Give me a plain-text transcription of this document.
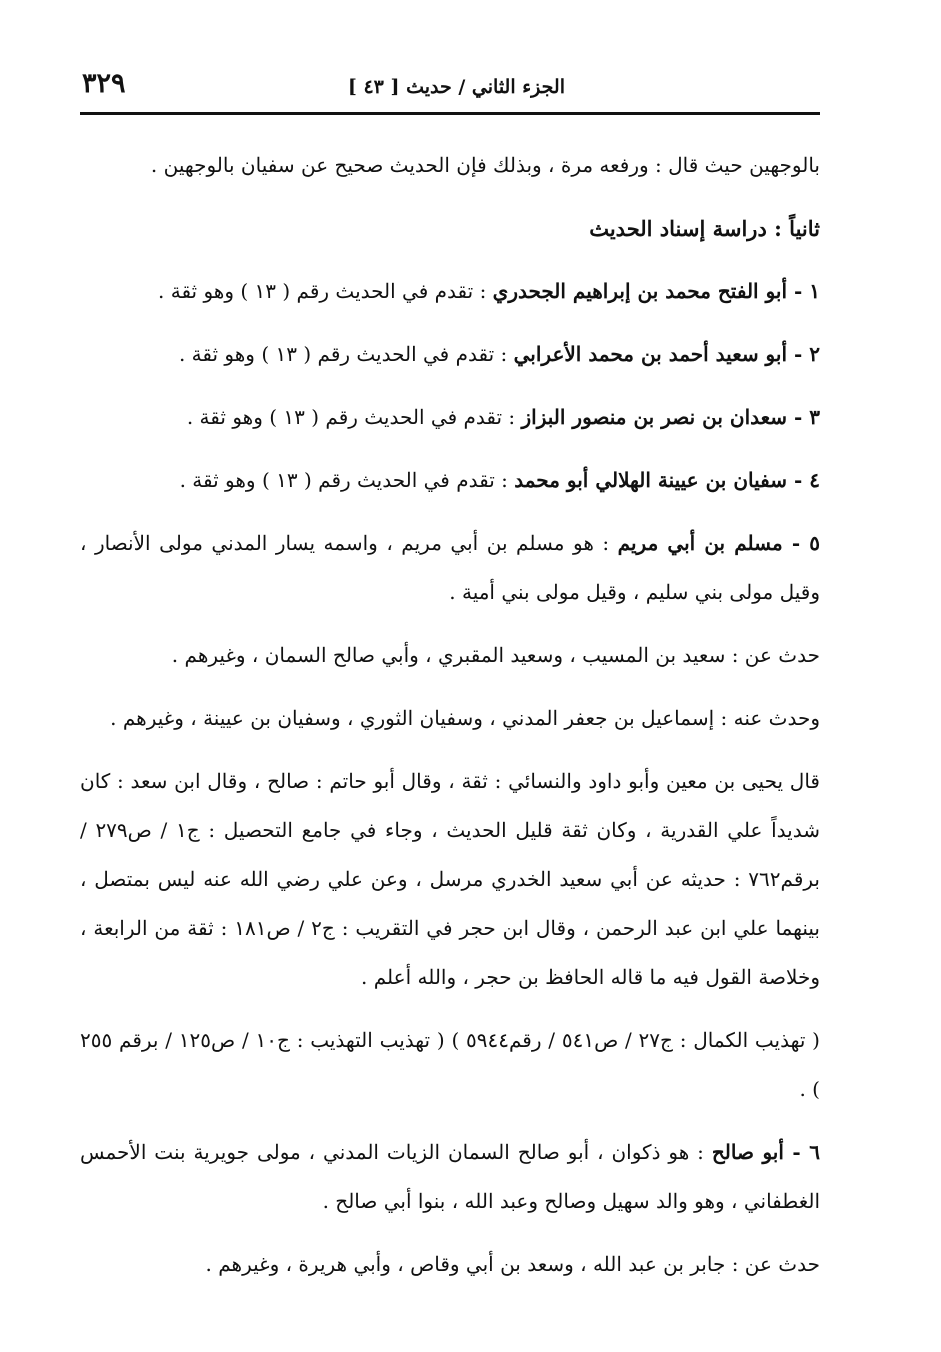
الجزء الثاني / حديث [ ٤٣ ]
٣٢٩

بالوجهين حيث قال : ورفعه مرة ، وبذلك فإن الحديث صحيح عن سفيان بالوجهين .

ثانياً : دراسة إسناد الحديث

١ - أبو الفتح محمد بن إبراهيم الجحدري : تقدم في الحديث رقم ( ١٣ ) وهو ثقة .

٢ - أبو سعيد أحمد بن محمد الأعرابي : تقدم في الحديث رقم ( ١٣ ) وهو ثقة .

٣ - سعدان بن نصر بن منصور البزاز : تقدم في الحديث رقم ( ١٣ ) وهو ثقة .

٤ - سفيان بن عيينة الهلالي أبو محمد : تقدم في الحديث رقم ( ١٣ ) وهو ثقة .

٥ - مسلم بن أبي مريم : هو مسلم بن أبي مريم ، واسمه يسار المدني مولى الأنصار ، وقيل مولى بني سليم ، وقيل مولى بني أمية .

حدث عن : سعيد بن المسيب ، وسعيد المقبري ، وأبي صالح السمان ، وغيرهم .

وحدث عنه : إسماعيل بن جعفر المدني ، وسفيان الثوري ، وسفيان بن عيينة ، وغيرهم .

قال يحيى بن معين وأبو داود والنسائي : ثقة ، وقال أبو حاتم : صالح ، وقال ابن سعد : كان شديداً علي القدرية ، وكان ثقة قليل الحديث ، وجاء في جامع التحصيل : ج١ / ص٢٧٩ / برقم٧٦٢ : حديثه عن أبي سعيد الخدري مرسل ، وعن علي رضي الله عنه ليس بمتصل ، بينهما علي ابن عبد الرحمن ، وقال ابن حجر في التقريب : ج٢ / ص١٨١ : ثقة من الرابعة ، وخلاصة القول فيه ما قاله الحافظ بن حجر ، والله أعلم .

( تهذيب الكمال : ج٢٧ / ص٥٤١ / رقم٥٩٤٤ ) ( تهذيب التهذيب : ج١٠ / ص١٢٥ / برقم ٢٥٥ ) .

٦ - أبو صالح : هو ذكوان ، أبو صالح السمان الزيات المدني ، مولى جويرية بنت الأحمس الغطفاني ، وهو والد سهيل وصالح وعبد الله ، بنوا أبي صالح .

حدث عن : جابر بن عبد الله ، وسعد بن أبي وقاص ، وأبي هريرة ، وغيرهم .
